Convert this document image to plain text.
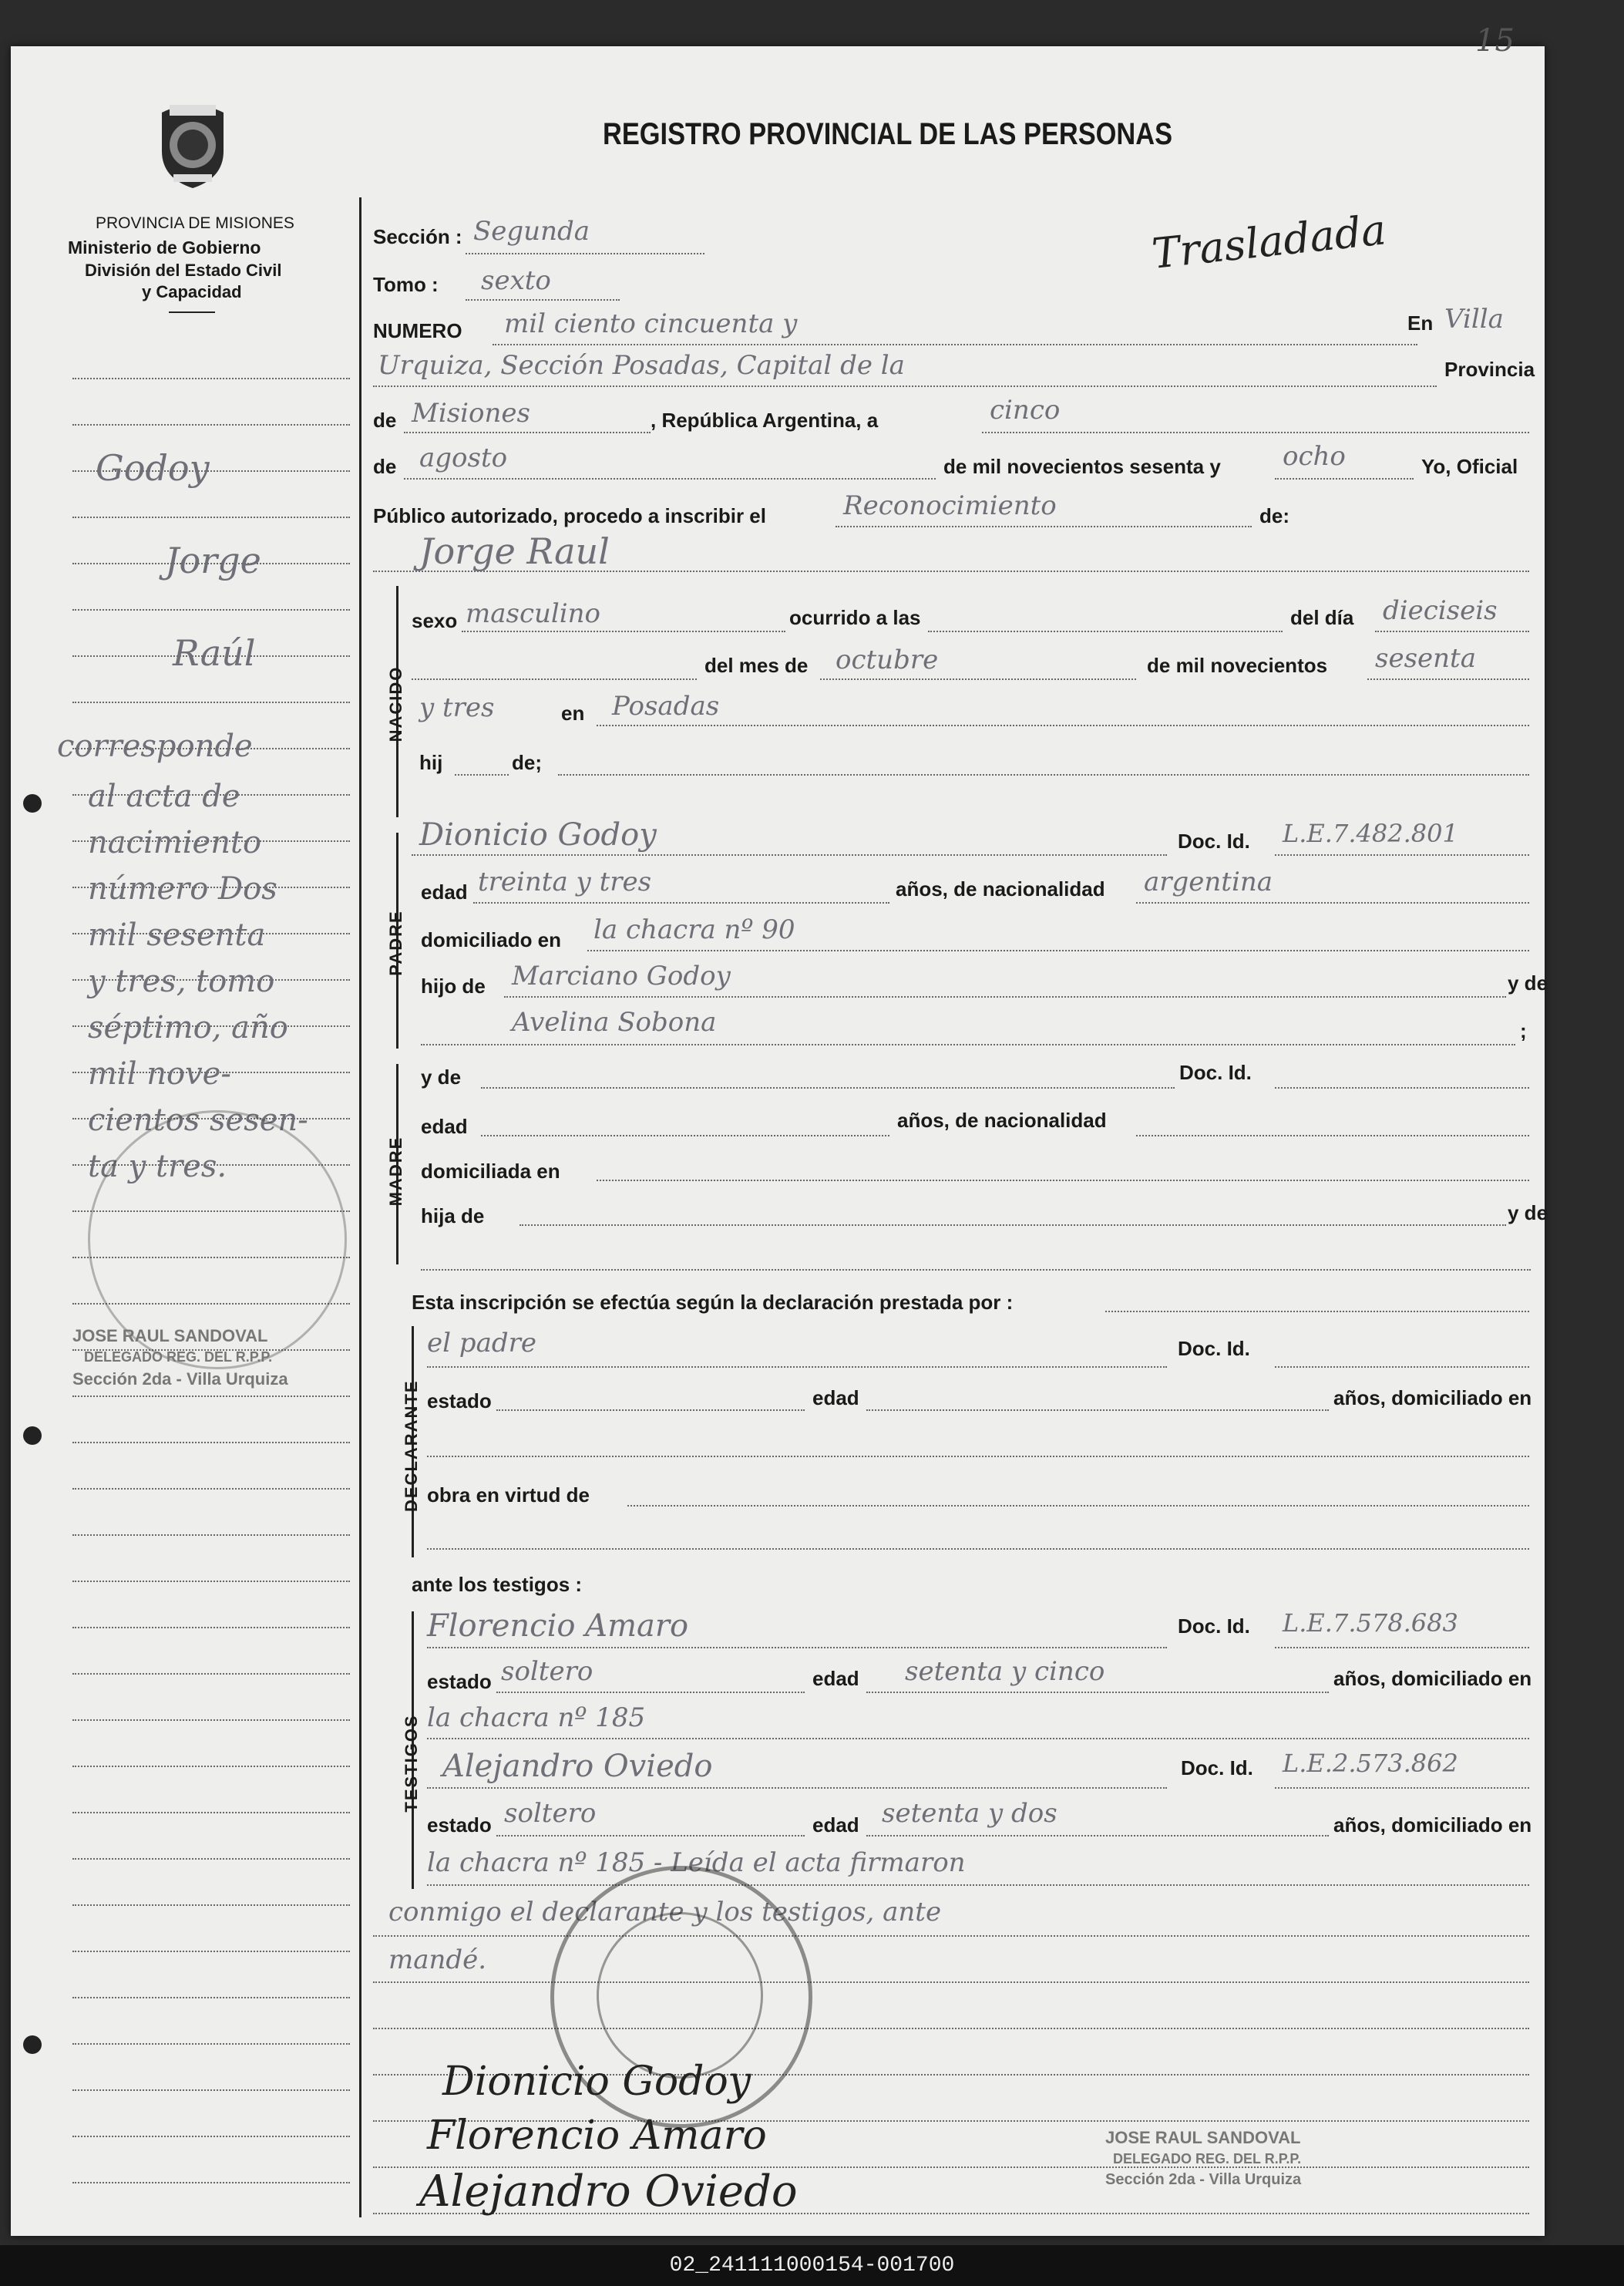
15
PROVINCIA DE MISIONES
Ministerio de Gobierno
División del Estado Civil
y Capacidad
REGISTRO PROVINCIAL DE LAS PERSONAS
Godoy
Jorge
Raúl
corresponde
al acta de
nacimiento
número Dos
mil sesenta
y tres, tomo
séptimo, año
mil nove-
cientos sesen-
ta y tres.
JOSE RAUL SANDOVAL
DELEGADO REG. DEL R.P.P.
Sección 2da - Villa Urquiza
Sección : Segunda	Trasladada
Tomo : sexto
NUMERO mil ciento cincuenta y	En Villa
Urquiza, Sección Posadas, Capital de la	Provincia
de Misiones	, República Argentina, a	cinco
de agosto	de mil novecientos sesenta y ocho	Yo, Oficial
Público autorizado, procedo a inscribir el	Reconocimiento	de:
Jorge Raul
NACIDO
sexo masculino	ocurrido a las	del día dieciseis
del mes de octubre	de mil novecientos sesenta
y tres	en Posadas
hij	de;
PADRE
Dionicio Godoy	Doc. Id. L.E.7.482.801
edad treinta y tres	años, de nacionalidad argentina
domiciliado en la chacra nº 90
hijo de Marciano Godoy	y de
Avelina Sobona	;
MADRE
y de	Doc. Id.
edad	años, de nacionalidad
domiciliada en
hija de	y de
Esta inscripción se efectúa según la declaración prestada por :
DECLARANTE
el padre	Doc. Id.
estado	edad	años, domiciliado en
obra en virtud de
ante los testigos :
TESTIGOS
Florencio Amaro	Doc. Id. L.E.7.578.683
estado soltero	edad setenta y cinco	años, domiciliado en
la chacra nº 185
Alejandro Oviedo	Doc. Id. L.E.2.573.862
estado soltero	edad setenta y dos	años, domiciliado en
la chacra nº 185 - Leída el acta firmaron
conmigo el declarante y los testigos, ante
mandé.
Dionicio Godoy
Florencio Amaro
Alejandro Oviedo
JOSE RAUL SANDOVAL
DELEGADO REG. DEL R.P.P.
Sección 2da - Villa Urquiza
02_241111000154-001700
